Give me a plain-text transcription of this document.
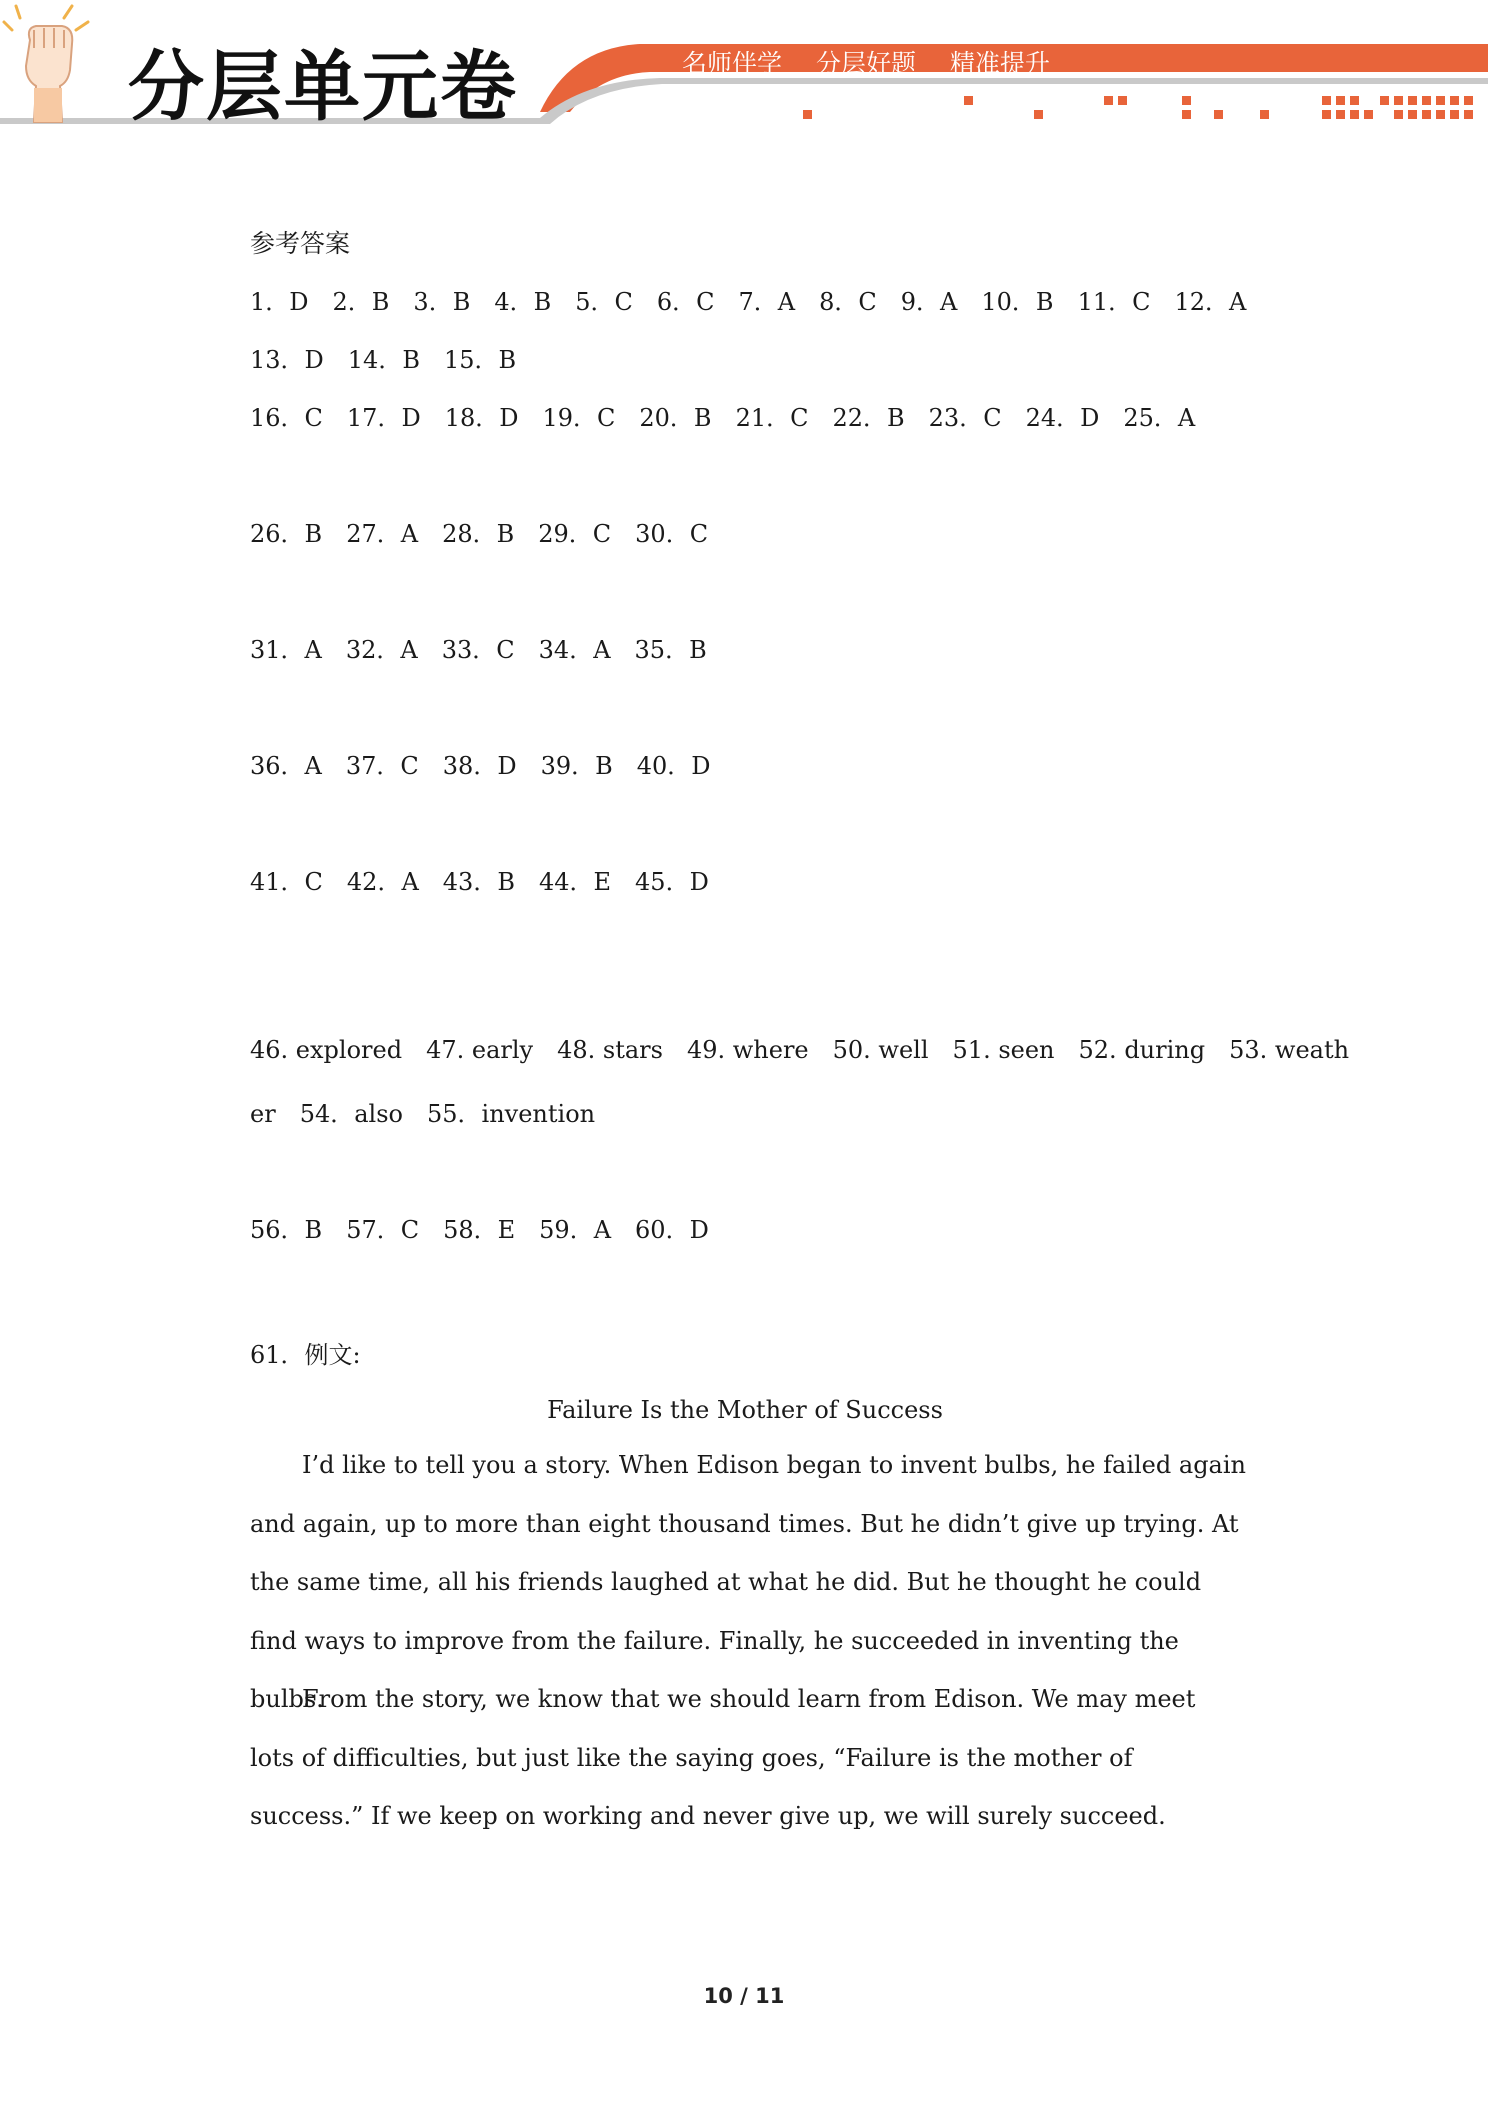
分层单元卷	名师伴学 分层好题 精准提升
参考答案
1．D 2．B 3．B 4．B 5．C 6．C 7．A 8．C 9．A 10．B 11．C 12．A
13．D 14．B 15．B
16．C 17．D 18．D 19．C 20．B 21．C 22．B 23．C 24．D 25．A
26．B 27．A 28．B 29．C 30．C
31．A 32．A 33．C 34．A 35．B
36．A 37．C 38．D 39．B 40．D
41．C 42．A 43．B 44．E 45．D
46. explored 47. early 48. stars 49. where 50. well 51. seen 52. during 53. weath
er 54．also 55．invention
56．B 57．C 58．E 59．A 60．D
61．例文:
Failure Is the Mother of Success
I’d like to tell you a story. When Edison began to invent bulbs, he failed again and again, up to more than eight thousand times. But he didn’t give up trying. At the same time, all his friends laughed at what he did. But he thought he could find ways to improve from the failure. Finally, he succeeded in inventing the bulbs.
From the story, we know that we should learn from Edison. We may meet lots of difficulties, but just like the saying goes, “Failure is the mother of success.” If we keep on working and never give up, we will surely succeed.
10 / 11
